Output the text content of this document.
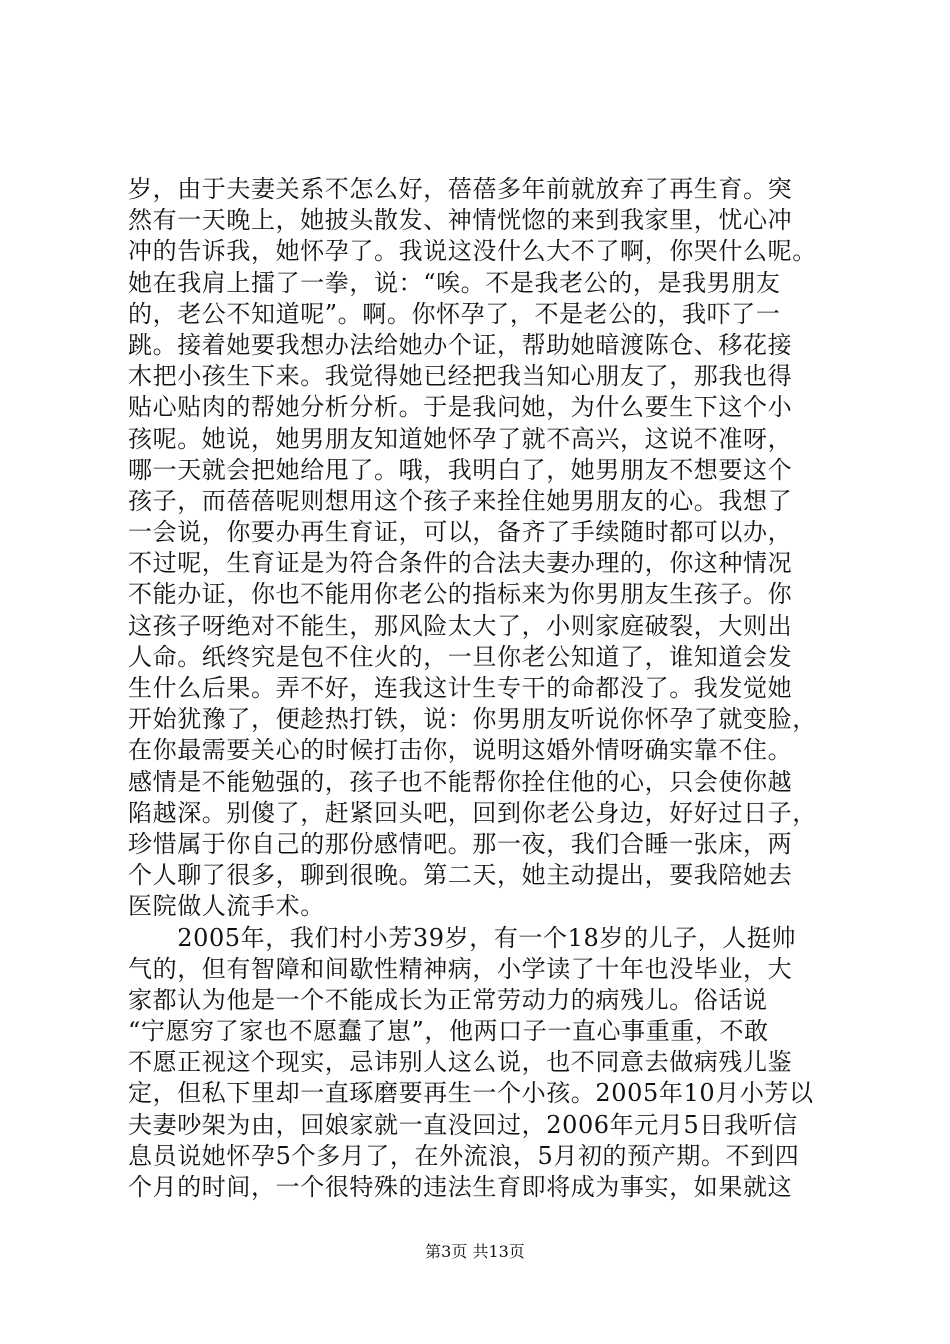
岁，由于夫妻关系不怎么好，蓓蓓多年前就放弃了再生育。突
然有一天晚上，她披头散发、神情恍惚的来到我家里，忧心冲
冲的告诉我，她怀孕了。我说这没什么大不了啊，你哭什么呢。
她在我肩上擂了一拳，说：“唉。不是我老公的，是我男朋友
的，老公不知道呢”。啊。你怀孕了，不是老公的，我吓了一
跳。接着她要我想办法给她办个证，帮助她暗渡陈仓、移花接
木把小孩生下来。我觉得她已经把我当知心朋友了，那我也得
贴心贴肉的帮她分析分析。于是我问她，为什么要生下这个小
孩呢。她说，她男朋友知道她怀孕了就不高兴，这说不准呀，
哪一天就会把她给甩了。哦，我明白了，她男朋友不想要这个
孩子，而蓓蓓呢则想用这个孩子来拴住她男朋友的心。我想了
一会说，你要办再生育证，可以，备齐了手续随时都可以办，
不过呢，生育证是为符合条件的合法夫妻办理的，你这种情况
不能办证，你也不能用你老公的指标来为你男朋友生孩子。你
这孩子呀绝对不能生，那风险太大了，小则家庭破裂，大则出
人命。纸终究是包不住火的，一旦你老公知道了，谁知道会发
生什么后果。弄不好，连我这计生专干的命都没了。我发觉她
开始犹豫了，便趁热打铁，说：你男朋友听说你怀孕了就变脸，
在你最需要关心的时候打击你，说明这婚外情呀确实靠不住。
感情是不能勉强的，孩子也不能帮你拴住他的心，只会使你越
陷越深。别傻了，赶紧回头吧，回到你老公身边，好好过日子，
珍惜属于你自己的那份感情吧。那一夜，我们合睡一张床，两
个人聊了很多，聊到很晚。第二天，她主动提出，要我陪她去
医院做人流手术。
　　2005年，我们村小芳39岁，有一个18岁的儿子，人挺帅
气的，但有智障和间歇性精神病，小学读了十年也没毕业，大
家都认为他是一个不能成长为正常劳动力的病残儿。俗话说
“宁愿穷了家也不愿蠢了崽”，他两口子一直心事重重，不敢
不愿正视这个现实，忌讳别人这么说，也不同意去做病残儿鉴
定，但私下里却一直琢磨要再生一个小孩。2005年10月小芳以
夫妻吵架为由，回娘家就一直没回过，2006年元月5日我听信
息员说她怀孕5个多月了，在外流浪，5月初的预产期。不到四
个月的时间，一个很特殊的违法生育即将成为事实，如果就这
第3页 共13页
